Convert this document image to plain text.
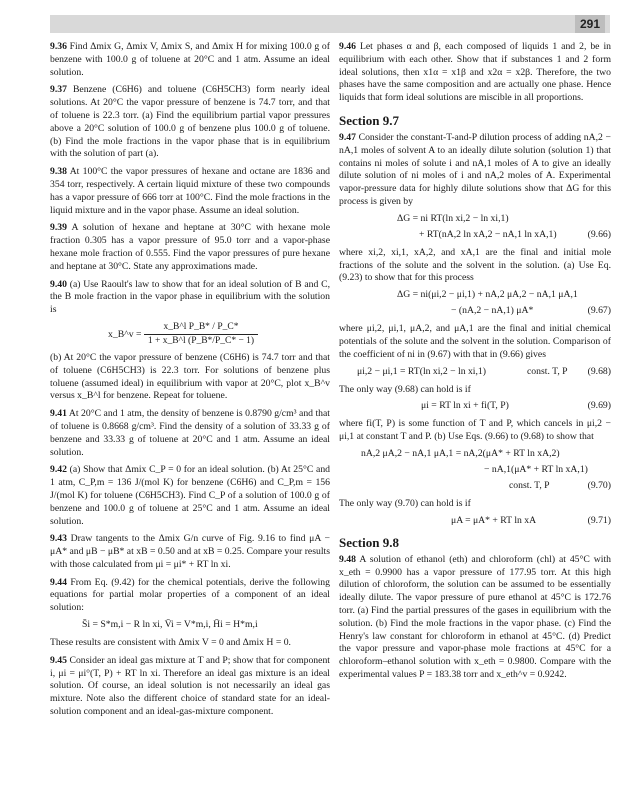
291

9.36 Find Δmix G, Δmix V, Δmix S, and Δmix H for mixing 100.0 g of benzene with 100.0 g of toluene at 20°C and 1 atm. Assume an ideal solution.

9.37 Benzene (C6H6) and toluene (C6H5CH3) form nearly ideal solutions. At 20°C the vapor pressure of benzene is 74.7 torr, and that of toluene is 22.3 torr. (a) Find the equilibrium partial vapor pressures above a 20°C solution of 100.0 g of benzene plus 100.0 g of toluene. (b) Find the mole fractions in the vapor phase that is in equilibrium with the solution of part (a).

9.38 At 100°C the vapor pressures of hexane and octane are 1836 and 354 torr, respectively. A certain liquid mixture of these two compounds has a vapor pressure of 666 torr at 100°C. Find the mole fractions in the liquid mixture and in the vapor phase. Assume an ideal solution.

9.39 A solution of hexane and heptane at 30°C with hexane mole fraction 0.305 has a vapor pressure of 95.0 torr and a vapor-phase hexane mole fraction of 0.555. Find the vapor pressures of pure hexane and heptane at 30°C. State any approximations made.

9.40 (a) Use Raoult's law to show that for an ideal solution of B and C, the B mole fraction in the vapor phase in equilibrium with the solution is

x_B^v = $\frac{\text{x\_B\textasciicircum{}l P\_B* / P\_C*}}{1 + x\_B\^{}l (P\_B*/P\_C* - 1)}$

(b) At 20°C the vapor pressure of benzene (C6H6) is 74.7 torr and that of toluene (C6H5CH3) is 22.3 torr. For solutions of benzene plus toluene (assumed ideal) in equilibrium with vapor at 20°C, plot x_B^v versus x_B^l for benzene. Repeat for toluene.

9.41 At 20°C and 1 atm, the density of benzene is 0.8790 g/cm³ and that of toluene is 0.8668 g/cm³. Find the density of a solution of 33.33 g of benzene and 33.33 g of toluene at 20°C and 1 atm. Assume an ideal solution.

9.42 (a) Show that Δmix C_P = 0 for an ideal solution. (b) At 25°C and 1 atm, C_P,m = 136 J/(mol K) for benzene (C6H6) and C_P,m = 156 J/(mol K) for toluene (C6H5CH3). Find C_P of a solution of 100.0 g of benzene and 100.0 g of toluene at 25°C and 1 atm. Assume an ideal solution.

9.43 Draw tangents to the Δmix G/n curve of Fig. 9.16 to find μA − μA* and μB − μB* at xB = 0.50 and at xB = 0.25. Compare your results with those calculated from μi = μi* + RT ln xi.

9.44 From Eq. (9.42) for the chemical potentials, derive the following equations for partial molar properties of a component of an ideal solution:

S̄i = S*m,i − R ln xi, V̄i = V*m,i, H̄i = H*m,i

These results are consistent with Δmix V = 0 and Δmix H = 0.

9.45 Consider an ideal gas mixture at T and P; show that for component i, μi = μi°(T, P) + RT ln xi. Therefore an ideal gas mixture is an ideal solution. Of course, an ideal solution is not necessarily an ideal gas mixture. Note also the different choice of standard state for an ideal-solution component and an ideal-gas-mixture component.

9.46 Let phases α and β, each composed of liquids 1 and 2, be in equilibrium with each other. Show that if substances 1 and 2 form ideal solutions, then x1α = x1β and x2α = x2β. Therefore, the two phases have the same composition and are actually one phase. Hence liquids that form ideal solutions are miscible in all proportions.

Section 9.7

9.47 Consider the constant-T-and-P dilution process of adding nA,2 − nA,1 moles of solvent A to an ideally dilute solution (solution 1) that contains ni moles of solute i and nA,1 moles of A to give an ideally dilute solution of ni moles of i and nA,2 moles of A. Experimental vapor-pressure data for highly dilute solutions show that ΔG for this process is given by

ΔG = ni RT(ln xi,2 − ln xi,1)
+ RT(nA,2 ln xA,2 − nA,1 ln xA,1)	(9.66)

where xi,2, xi,1, xA,2, and xA,1 are the final and initial mole fractions of the solute and the solvent in the solution. (a) Use Eq. (9.23) to show that for this process

ΔG = ni(μi,2 − μi,1) + nA,2 μA,2 − nA,1 μA,1
− (nA,2 − nA,1) μA*	(9.67)

where μi,2, μi,1, μA,2, and μA,1 are the final and initial chemical potentials of the solute and the solvent in the solution. Comparison of the coefficient of ni in (9.67) with that in (9.66) gives

μi,2 − μi,1 = RT(ln xi,2 − ln xi,1)	const. T, P (9.68)

The only way (9.68) can hold is if

μi = RT ln xi + fi(T, P)	(9.69)

where fi(T, P) is some function of T and P, which cancels in μi,2 − μi,1 at constant T and P. (b) Use Eqs. (9.66) to (9.68) to show that

nA,2 μA,2 − nA,1 μA,1 = nA,2(μA* + RT ln xA,2)
− nA,1(μA* + RT ln xA,1)
const. T, P	(9.70)

The only way (9.70) can hold is if

μA = μA* + RT ln xA	(9.71)
Section 9.8

9.48 A solution of ethanol (eth) and chloroform (chl) at 45°C with x_eth = 0.9900 has a vapor pressure of 177.95 torr. At this high dilution of chloroform, the solution can be assumed to be essentially ideally dilute. The vapor pressure of pure ethanol at 45°C is 172.76 torr. (a) Find the partial pressures of the gases in equilibrium with the solution. (b) Find the mole fractions in the vapor phase. (c) Find the Henry's law constant for chloroform in ethanol at 45°C. (d) Predict the vapor pressure and vapor-phase mole fractions at 45°C for a chloroform–ethanol solution with x_eth = 0.9800. Compare with the experimental values P = 183.38 torr and x_eth^v = 0.9242.
